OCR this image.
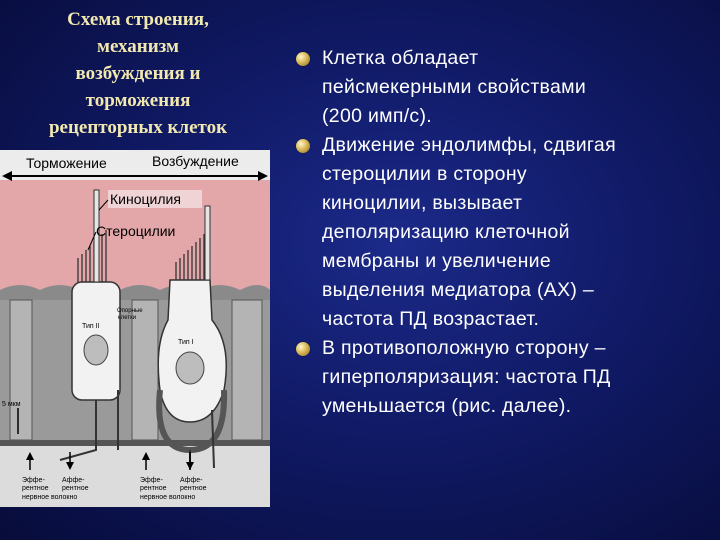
Схема строения,
механизм
возбуждения и
торможения
рецепторных клеток
Торможение	Возбуждение
Тип II
Тип I
Киноцилия
Стероцилии
Опорные
клетки
5 мкм
Эффе-
рентное
нервное волокно
Аффе-
рентное
Эффе-
рентное
нервное волокно
Аффе-
рентное
Клетка обладает
пейсмекерными свойствами
(200 имп/с).
Движение эндолимфы, сдвигая
стероцилии в сторону
киноцилии, вызывает
деполяризацию клеточной
мембраны и увеличение
выделения медиатора (АХ) –
частота ПД возрастает.
В противоположную сторону –
гиперполяризация: частота ПД
уменьшается (рис. далее).
